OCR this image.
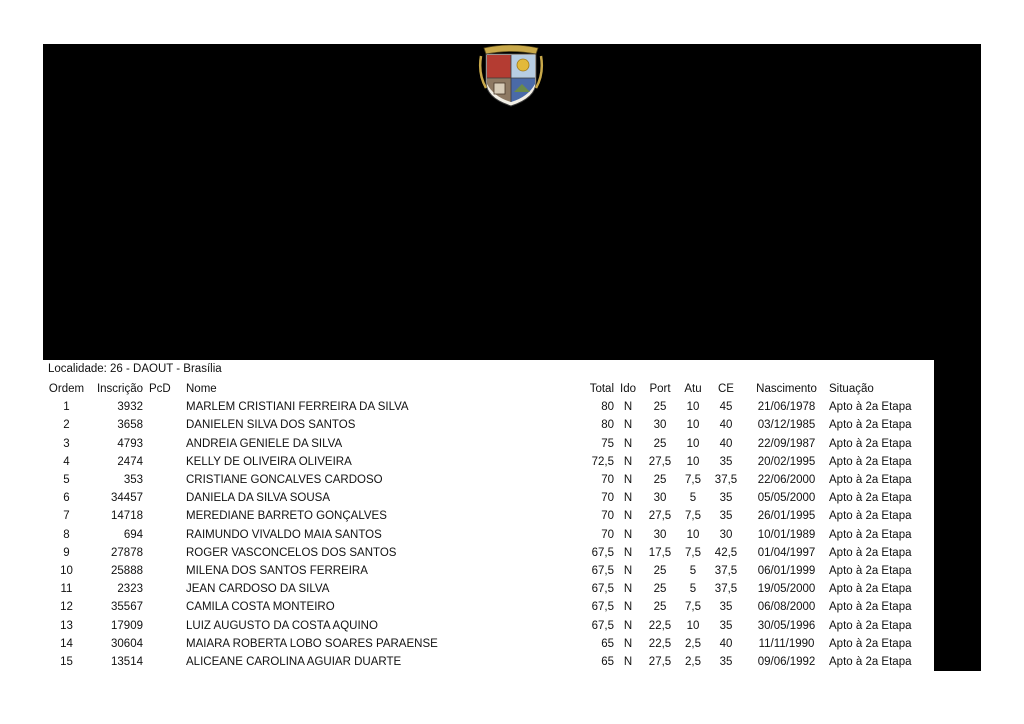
Localidade: 26 - DAOUT - Brasília
Ordem	Inscrição	PcD	Nome	Total	Ido	Port	Atu	CE	Nascimento	Situação
1	3932		MARLEM CRISTIANI FERREIRA DA SILVA	80	N	25	10	45	21/06/1978	Apto à 2a Etapa
2	3658		DANIELEN SILVA DOS SANTOS	80	N	30	10	40	03/12/1985	Apto à 2a Etapa
3	4793		ANDREIA GENIELE DA SILVA	75	N	25	10	40	22/09/1987	Apto à 2a Etapa
4	2474		KELLY DE OLIVEIRA OLIVEIRA	72,5	N	27,5	10	35	20/02/1995	Apto à 2a Etapa
5	353		CRISTIANE GONCALVES CARDOSO	70	N	25	7,5	37,5	22/06/2000	Apto à 2a Etapa
6	34457		DANIELA DA SILVA SOUSA	70	N	30	5	35	05/05/2000	Apto à 2a Etapa
7	14718		MEREDIANE BARRETO GONÇALVES	70	N	27,5	7,5	35	26/01/1995	Apto à 2a Etapa
8	694		RAIMUNDO VIVALDO MAIA SANTOS	70	N	30	10	30	10/01/1989	Apto à 2a Etapa
9	27878		ROGER VASCONCELOS DOS SANTOS	67,5	N	17,5	7,5	42,5	01/04/1997	Apto à 2a Etapa
10	25888		MILENA DOS SANTOS FERREIRA	67,5	N	25	5	37,5	06/01/1999	Apto à 2a Etapa
11	2323		JEAN CARDOSO DA SILVA	67,5	N	25	5	37,5	19/05/2000	Apto à 2a Etapa
12	35567		CAMILA COSTA MONTEIRO	67,5	N	25	7,5	35	06/08/2000	Apto à 2a Etapa
13	17909		LUIZ AUGUSTO DA COSTA AQUINO	67,5	N	22,5	10	35	30/05/1996	Apto à 2a Etapa
14	30604		MAIARA ROBERTA LOBO SOARES PARAENSE	65	N	22,5	2,5	40	11/11/1990	Apto à 2a Etapa
15	13514		ALICEANE CAROLINA AGUIAR DUARTE	65	N	27,5	2,5	35	09/06/1992	Apto à 2a Etapa
